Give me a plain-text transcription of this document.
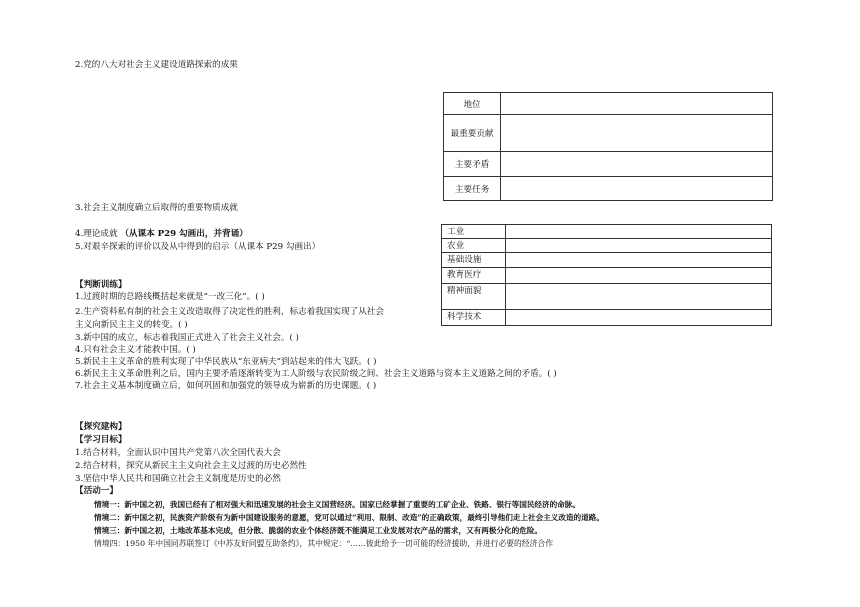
2.党的八大对社会主义建设道路探索的成果
地位	
最重要贡献	
主要矛盾	
主要任务	
3.社会主义制度确立后取得的重要物质成就
4.理论成就 （从课本 P29 勾画出，并背诵）
5.对艰辛探索的评价以及从中得到的启示（从课本 P29 勾画出）
工业	
农业	
基础设施	
教育医疗	
精神面貌	
科学技术	
【判断训练】
1.过渡时期的总路线概括起来就是“一改三化”。( )
2.生产资料私有制的社会主义改造取得了决定性的胜利，标志着我国实现了从社会
主义向新民主主义的转变。( )
3.新中国的成立，标志着我国正式进入了社会主义社会。( )
4.只有社会主义才能救中国。( )
5.新民主主义革命的胜利实现了中华民族从“东亚病夫”到站起来的伟大飞跃。( )
6.新民主主义革命胜利之后，国内主要矛盾逐渐转变为工人阶级与农民阶级之间、社会主义道路与资本主义道路之间的矛盾。( )
7.社会主义基本制度确立后，如何巩固和加强党的领导成为崭新的历史课题。( )
【探究建构】
【学习目标】
1.结合材料，全面认识中国共产党第八次全国代表大会
2.结合材料，探究从新民主主义向社会主义过渡的历史必然性
3.坚信中华人民共和国确立社会主义制度是历史的必然
【活动一】
情境一：新中国之初，我国已经有了相对强大和迅速发展的社会主义国营经济。国家已经掌握了重要的工矿企业、铁路、银行等国民经济的命脉。
情境二：新中国之初，民族资产阶级有为新中国建设服务的意愿，党可以通过“利用、限制、改造”的正确政策，最终引导他们走上社会主义改造的道路。
情境三：新中国之初，土地改革基本完成，但分散、脆弱的农业个体经济既不能满足工业发展对农产品的需求，又有两极分化的危险。
情境四：1950 年中国同苏联签订《中苏友好同盟互助条约》，其中规定：“……彼此给予一切可能的经济援助，并进行必要的经济合作
